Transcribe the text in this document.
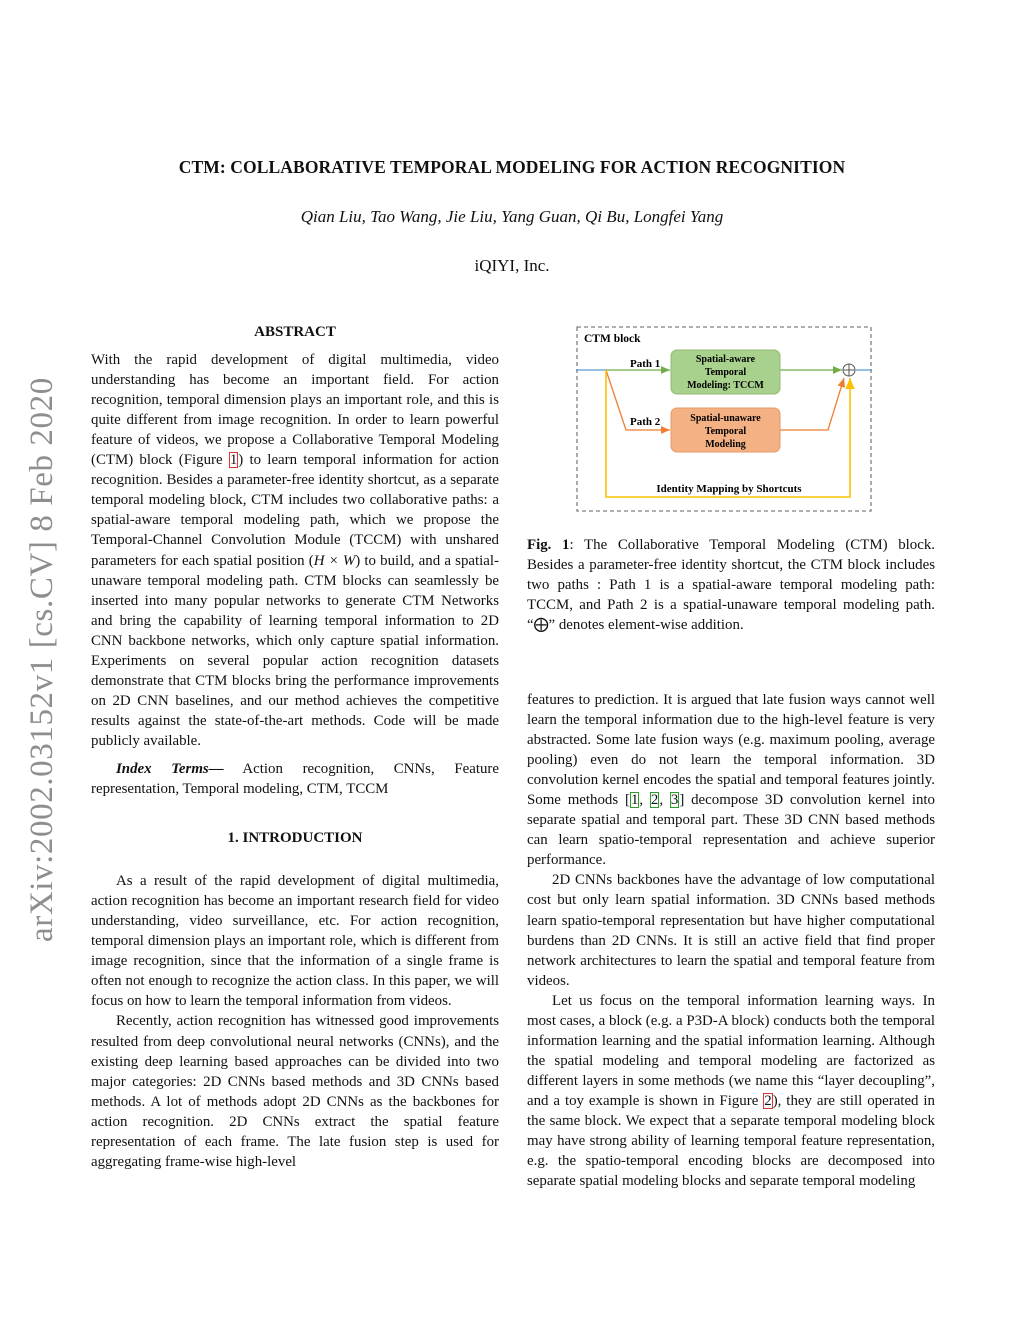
CTM: COLLABORATIVE TEMPORAL MODELING FOR ACTION RECOGNITION
Qian Liu, Tao Wang, Jie Liu, Yang Guan, Qi Bu, Longfei Yang
iQIYI, Inc.
arXiv:2002.03152v1 [cs.CV] 8 Feb 2020
ABSTRACT

With the rapid development of digital multimedia, video understanding has become an important field. For action recognition, temporal dimension plays an important role, and this is quite different from image recognition. In order to learn powerful feature of videos, we propose a Collaborative Temporal Modeling (CTM) block (Figure 1) to learn temporal information for action recognition. Besides a parameter-free identity shortcut, as a separate temporal modeling block, CTM includes two collaborative paths: a spatial-aware temporal modeling path, which we propose the Temporal-Channel Convolution Module (TCCM) with unshared parameters for each spatial position (H × W) to build, and a spatial-unaware temporal modeling path. CTM blocks can seamlessly be inserted into many popular networks to generate CTM Networks and bring the capability of learning temporal information to 2D CNN backbone networks, which only capture spatial information. Experiments on several popular action recognition datasets demonstrate that CTM blocks bring the performance improvements on 2D CNN baselines, and our method achieves the competitive results against the state-of-the-art methods. Code will be made publicly available.

Index Terms— Action recognition, CNNs, Feature representation, Temporal modeling, CTM, TCCM

1. INTRODUCTION

As a result of the rapid development of digital multimedia, action recognition has become an important research field for video understanding, video surveillance, etc. For action recognition, temporal dimension plays an important role, which is different from image recognition, since that the information of a single frame is often not enough to recognize the action class. In this paper, we will focus on how to learn the temporal information from videos.

Recently, action recognition has witnessed good improvements resulted from deep convolutional neural networks (CNNs), and the existing deep learning based approaches can be divided into two major categories: 2D CNNs based methods and 3D CNNs based methods. A lot of methods adopt 2D CNNs as the backbones for action recognition. 2D CNNs extract the spatial feature representation of each frame. The late fusion step is used for aggregating frame-wise high-level

CTM block
Spatial-aware
Temporal
Modeling: TCCM
Spatial-unaware
Temporal
Modeling
Path 1
Path 2
Identity Mapping by Shortcuts

Fig. 1: The Collaborative Temporal Modeling (CTM) block. Besides a parameter-free identity shortcut, the CTM block includes two paths : Path 1 is a spatial-aware temporal modeling path: TCCM, and Path 2 is a spatial-unaware temporal modeling path. “⨁” denotes element-wise addition.

features to prediction. It is argued that late fusion ways cannot well learn the temporal information due to the high-level feature is very abstracted. Some late fusion ways (e.g. maximum pooling, average pooling) even do not learn the temporal information. 3D convolution kernel encodes the spatial and temporal features jointly. Some methods [1, 2, 3] decompose 3D convolution kernel into separate spatial and temporal part. These 3D CNN based methods can learn spatio-temporal representation and achieve superior performance.

2D CNNs backbones have the advantage of low computational cost but only learn spatial information. 3D CNNs based methods learn spatio-temporal representation but have higher computational burdens than 2D CNNs. It is still an active field that find proper network architectures to learn the spatial and temporal feature from videos.

Let us focus on the temporal information learning ways. In most cases, a block (e.g. a P3D-A block) conducts both the temporal information learning and the spatial information learning. Although the spatial modeling and temporal modeling are factorized as different layers in some methods (we name this “layer decoupling”, and a toy example is shown in Figure 2), they are still operated in the same block. We expect that a separate temporal modeling block may have strong ability of learning temporal feature representation, e.g. the spatio-temporal encoding blocks are decomposed into separate spatial modeling blocks and separate temporal modeling
